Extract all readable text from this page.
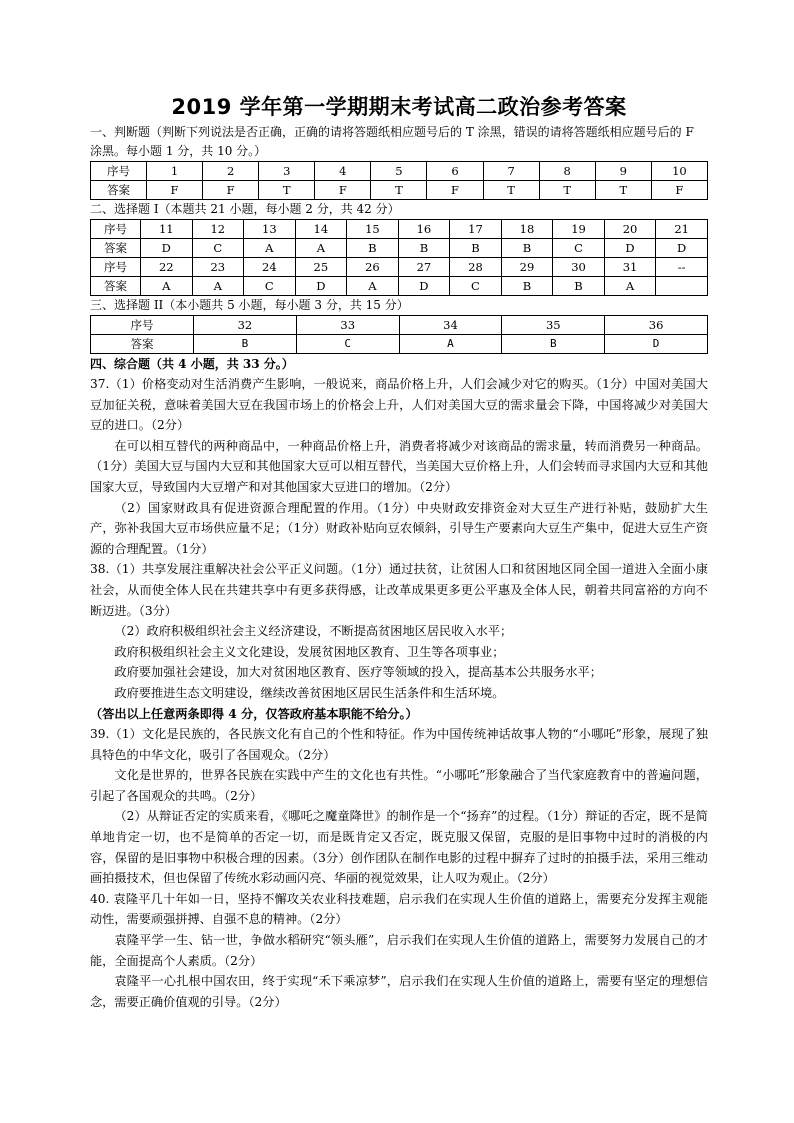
2019 学年第一学期期末考试高二政治参考答案

一、判断题（判断下列说法是否正确，正确的请将答题纸相应题号后的 T 涂黑，错误的请将答题纸相应题号后的 F 涂黑。每小题 1 分，共 10 分。）

序号	1	2	3	4	5	6	7	8	9	10
答案	F	F	T	F	T	F	T	T	T	F

二、选择题 I（本题共 21 小题，每小题 2 分，共 42 分）

序号	11	12	13	14	15	16	17	18	19	20	21
答案	D	C	A	A	B	B	B	B	C	D	D
序号	22	23	24	25	26	27	28	29	30	31	--
答案	A	A	C	D	A	D	C	B	B	A	

三、选择题 II（本小题共 5 小题，每小题 3 分，共 15 分）

序号	32	33	34	35	36
答案	B	C	A	B	D

四、综合题（共 4 小题，共 33 分。）

37.（1）价格变动对生活消费产生影响，一般说来，商品价格上升，人们会减少对它的购买。（1分）中国对美国大豆加征关税，意味着美国大豆在我国市场上的价格会上升，人们对美国大豆的需求量会下降，中国将减少对美国大豆的进口。（2分）

在可以相互替代的两种商品中，一种商品价格上升，消费者将减少对该商品的需求量，转而消费另一种商品。（1分）美国大豆与国内大豆和其他国家大豆可以相互替代，当美国大豆价格上升，人们会转而寻求国内大豆和其他国家大豆，导致国内大豆增产和对其他国家大豆进口的增加。（2分）

（2）国家财政具有促进资源合理配置的作用。（1分）中央财政安排资金对大豆生产进行补贴，鼓励扩大生产，弥补我国大豆市场供应量不足；（1分）财政补贴向豆农倾斜，引导生产要素向大豆生产集中，促进大豆生产资源的合理配置。（1分）

38.（1）共享发展注重解决社会公平正义问题。（1分）通过扶贫，让贫困人口和贫困地区同全国一道进入全面小康社会，从而使全体人民在共建共享中有更多获得感，让改革成果更多更公平惠及全体人民，朝着共同富裕的方向不断迈进。（3分）

（2）政府积极组织社会主义经济建设，不断提高贫困地区居民收入水平；

政府积极组织社会主义文化建设，发展贫困地区教育、卫生等各项事业；

政府要加强社会建设，加大对贫困地区教育、医疗等领域的投入，提高基本公共服务水平；

政府要推进生态文明建设，继续改善贫困地区居民生活条件和生活环境。

（答出以上任意两条即得 4 分，仅答政府基本职能不给分。）

39.（1）文化是民族的，各民族文化有自己的个性和特征。作为中国传统神话故事人物的“小哪吒”形象，展现了独具特色的中华文化，吸引了各国观众。（2分）

文化是世界的，世界各民族在实践中产生的文化也有共性。“小哪吒”形象融合了当代家庭教育中的普遍问题，引起了各国观众的共鸣。（2分）

（2）从辩证否定的实质来看，《哪吒之魔童降世》的制作是一个“扬弃”的过程。（1分）辩证的否定，既不是简单地肯定一切，也不是简单的否定一切，而是既肯定又否定，既克服又保留，克服的是旧事物中过时的消极的内容，保留的是旧事物中积极合理的因素。（3分）创作团队在制作电影的过程中摒弃了过时的拍摄手法，采用三维动画拍摄技术，但也保留了传统水彩动画闪亮、华丽的视觉效果，让人叹为观止。（2分）

40. 袁隆平几十年如一日，坚持不懈攻关农业科技难题，启示我们在实现人生价值的道路上，需要充分发挥主观能动性，需要顽强拼搏、自强不息的精神。（2分）

袁隆平学一生、钻一世，争做水稻研究“领头雁”，启示我们在实现人生价值的道路上，需要努力发展自己的才能，全面提高个人素质。（2分）

袁隆平一心扎根中国农田，终于实现“禾下乘凉梦”，启示我们在实现人生价值的道路上，需要有坚定的理想信念，需要正确价值观的引导。（2分）
